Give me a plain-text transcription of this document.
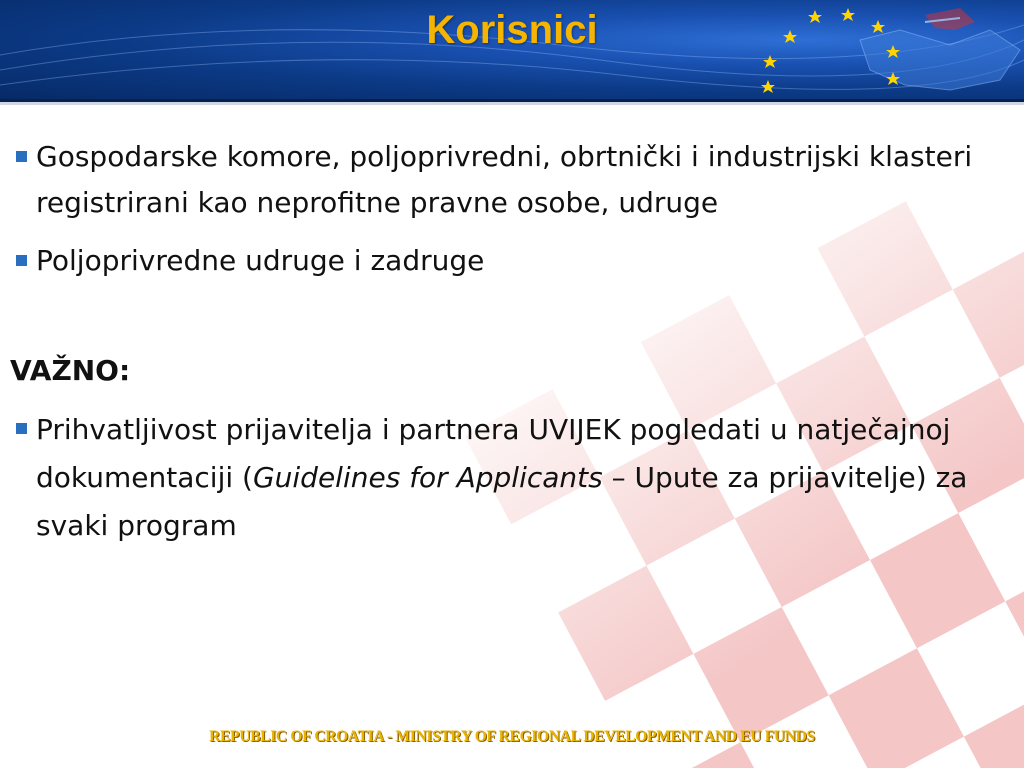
Korisnici
Gospodarske komore, poljoprivredni, obrtnički i industrijski klasteri registrirani kao neprofitne pravne osobe, udruge
Poljoprivredne udruge i zadruge
VAŽNO:
Prihvatljivost prijavitelja i partnera UVIJEK pogledati u natječajnoj dokumentaciji (Guidelines for Applicants – Upute za prijavitelje) za svaki program
REPUBLIC OF CROATIA - MINISTRY OF REGIONAL DEVELOPMENT AND EU FUNDS
